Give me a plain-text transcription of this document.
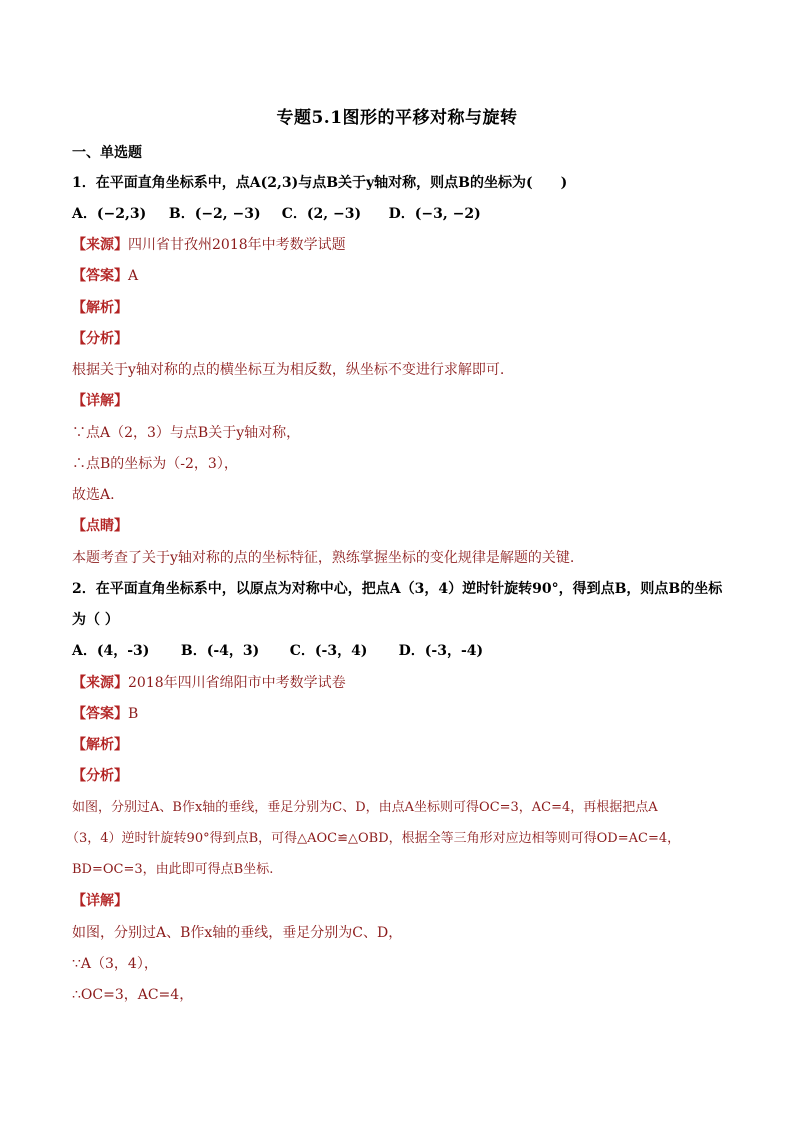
专题5.1图形的平移对称与旋转
一、单选题
1．在平面直角坐标系中，点A(2,3)与点B关于y轴对称，则点B的坐标为(　　)
A．(−2,3) B．(−2, −3) C．(2, −3) D．(−3, −2)
【来源】四川省甘孜州2018年中考数学试题
【答案】A
【解析】
【分析】
根据关于y轴对称的点的横坐标互为相反数，纵坐标不变进行求解即可.
【详解】
∵点A（2，3）与点B关于y轴对称，
∴点B的坐标为（-2，3），
故选A.
【点睛】
本题考查了关于y轴对称的点的坐标特征，熟练掌握坐标的变化规律是解题的关键.
2．在平面直角坐标系中，以原点为对称中心，把点A（3，4）逆时针旋转90°，得到点B，则点B的坐标
为（ ）
A．(4，-3) B．(-4，3) C．(-3，4) D．(-3，-4)
【来源】2018年四川省绵阳市中考数学试卷
【答案】B
【解析】
【分析】
如图，分别过A、B作x轴的垂线，垂足分别为C、D，由点A坐标则可得OC=3，AC=4，再根据把点A
（3，4）逆时针旋转90°得到点B，可得△AOC≌△OBD，根据全等三角形对应边相等则可得OD=AC=4，
BD=OC=3，由此即可得点B坐标.
【详解】
如图，分别过A、B作x轴的垂线，垂足分别为C、D，
∵A（3，4），
∴OC=3，AC=4，
